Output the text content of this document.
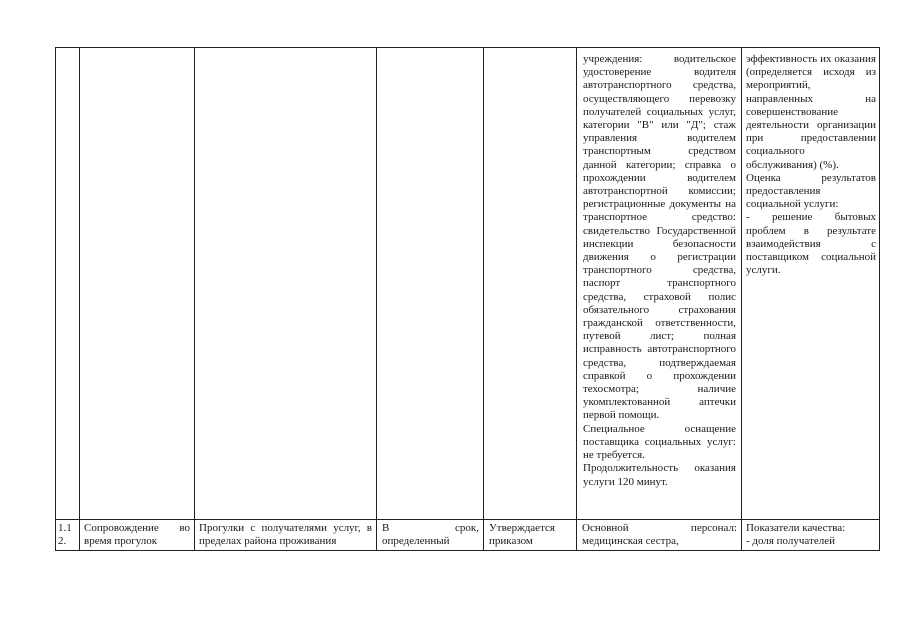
учреждения: водительское удостоверение водителя автотранспортного средства, осуществляющего перевозку получателей социальных услуг, категории "В" или "Д"; стаж управления водителем транспортным средством данной категории; справка о прохождении водителем автотранспортной комиссии; регистрационные документы на транспортное средство: свидетельство Государственной инспекции безопасности движения о регистрации транспортного средства, паспорт транспортного средства, страховой полис обязательного страхования гражданской ответственности, путевой лист; полная исправность автотранспортного средства, подтверждаемая справкой о прохождении техосмотра; наличие укомплектованной аптечки первой помощи.

Специальное оснащение поставщика социальных услуг: не требуется.

Продолжительность оказания услуги 120 минут.

эффективность их оказания (определяется исходя из мероприятий, направленных на совершенствование деятельности организации при предоставлении социального обслуживания) (%).

Оценка результатов предоставления социальной услуги:

- решение бытовых проблем в результате взаимодействия с поставщиком социальной услуги.

1.1 2.
Сопровождение во время прогулок
Прогулки с получателями услуг, в пределах района проживания
В срок, определенный
Утверждается приказом
Основной персонал: медицинская сестра,

Показатели качества:

- доля получателей
